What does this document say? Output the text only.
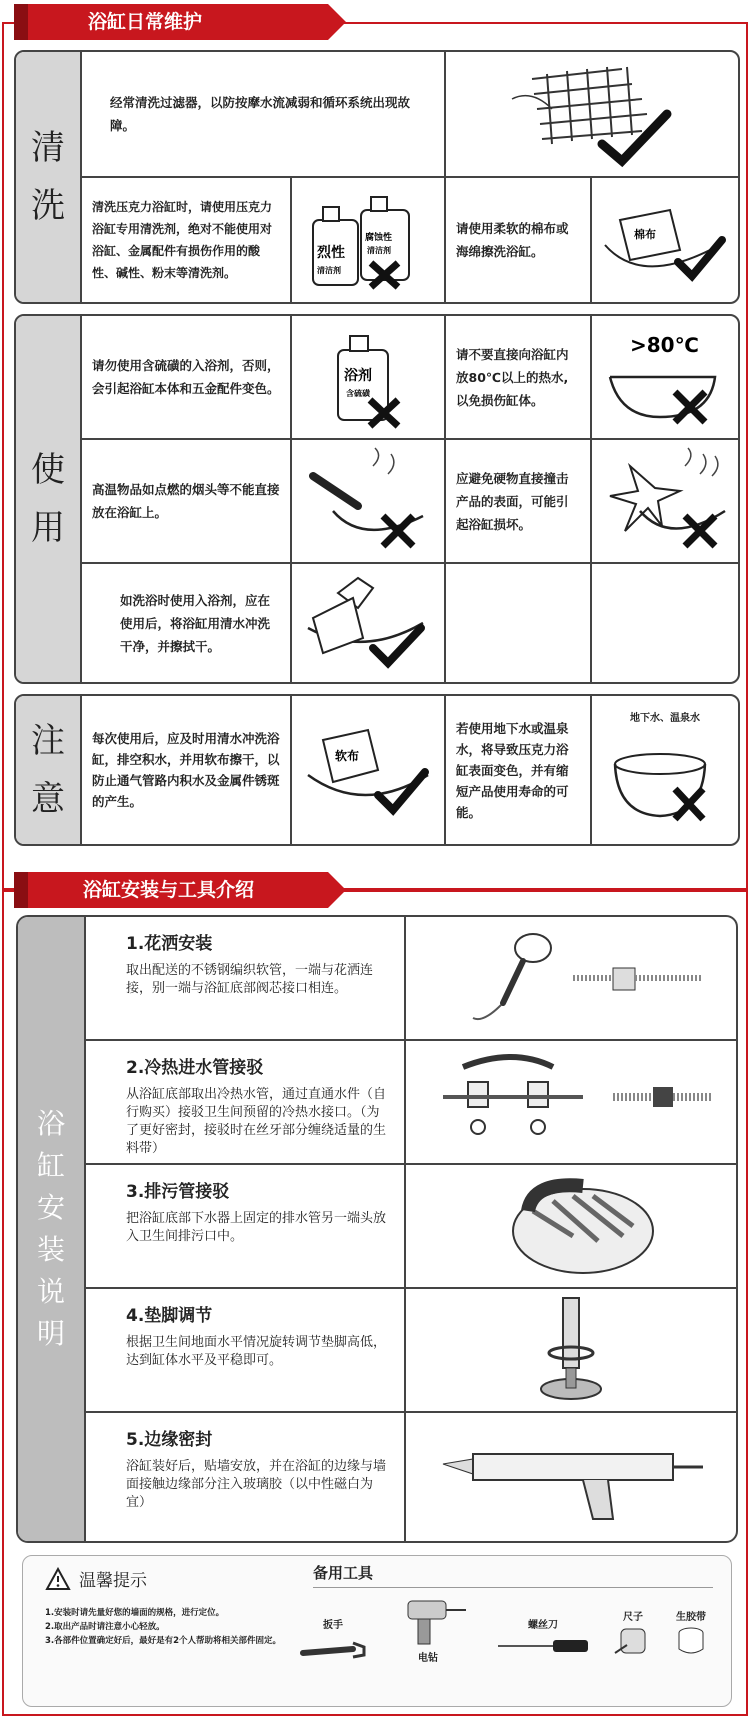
浴缸日常维护
清
洗
经常清洗过滤器，以防按摩水流减弱和循环系统出现故障。
清洗压克力浴缸时，请使用压克力浴缸专用清洗剂，绝对不能使用对浴缸、金属配件有损伤作用的酸性、碱性、粉末等清洗剂。
烈性
清洁剂
腐蚀性
清洁剂
请使用柔软的棉布或海绵擦洗浴缸。
棉布
使
用
请勿使用含硫磺的入浴剂，否则，会引起浴缸本体和五金配件变色。
浴剂
含硫磺
请不要直接向浴缸内放80℃以上的热水,以免损伤缸体。
>80℃
高温物品如点燃的烟头等不能直接放在浴缸上。
应避免硬物直接撞击产品的表面，可能引起浴缸损坏。
如洗浴时使用入浴剂，应在使用后，将浴缸用清水冲洗干净，并擦拭干。
注
意
每次使用后，应及时用清水冲洗浴缸，排空积水，并用软布擦干，以防止通气管路内积水及金属件锈斑的产生。
软布
若使用地下水或温泉水，将导致压克力浴缸表面变色，并有缩短产品使用寿命的可能。
地下水、温泉水
浴缸安装与工具介绍
浴
缸
安
装
说
明
1.花洒安装
取出配送的不锈钢编织软管，一端与花洒连接，别一端与浴缸底部阀芯接口相连。
2.冷热进水管接驳
从浴缸底部取出冷热水管，通过直通水件（自行购买）接驳卫生间预留的冷热水接口。（为了更好密封，接驳时在丝牙部分缠绕适量的生料带）
3.排污管接驳
把浴缸底部下水器上固定的排水管另一端头放入卫生间排污口中。
4.垫脚调节
根据卫生间地面水平情况旋转调节垫脚高低，达到缸体水平及平稳即可。
5.边缘密封
浴缸装好后，贴墙安放，并在浴缸的边缘与墙面接触边缘部分注入玻璃胶（以中性磁白为宜）
温馨提示
1.安装时请先量好您的墙面的规格，进行定位。
2.取出产品时请注意小心轻放。
3.各部件位置确定好后，最好是有2个人帮助将相关部件固定。
备用工具
扳手
电钻
螺丝刀
尺子	生胶带
